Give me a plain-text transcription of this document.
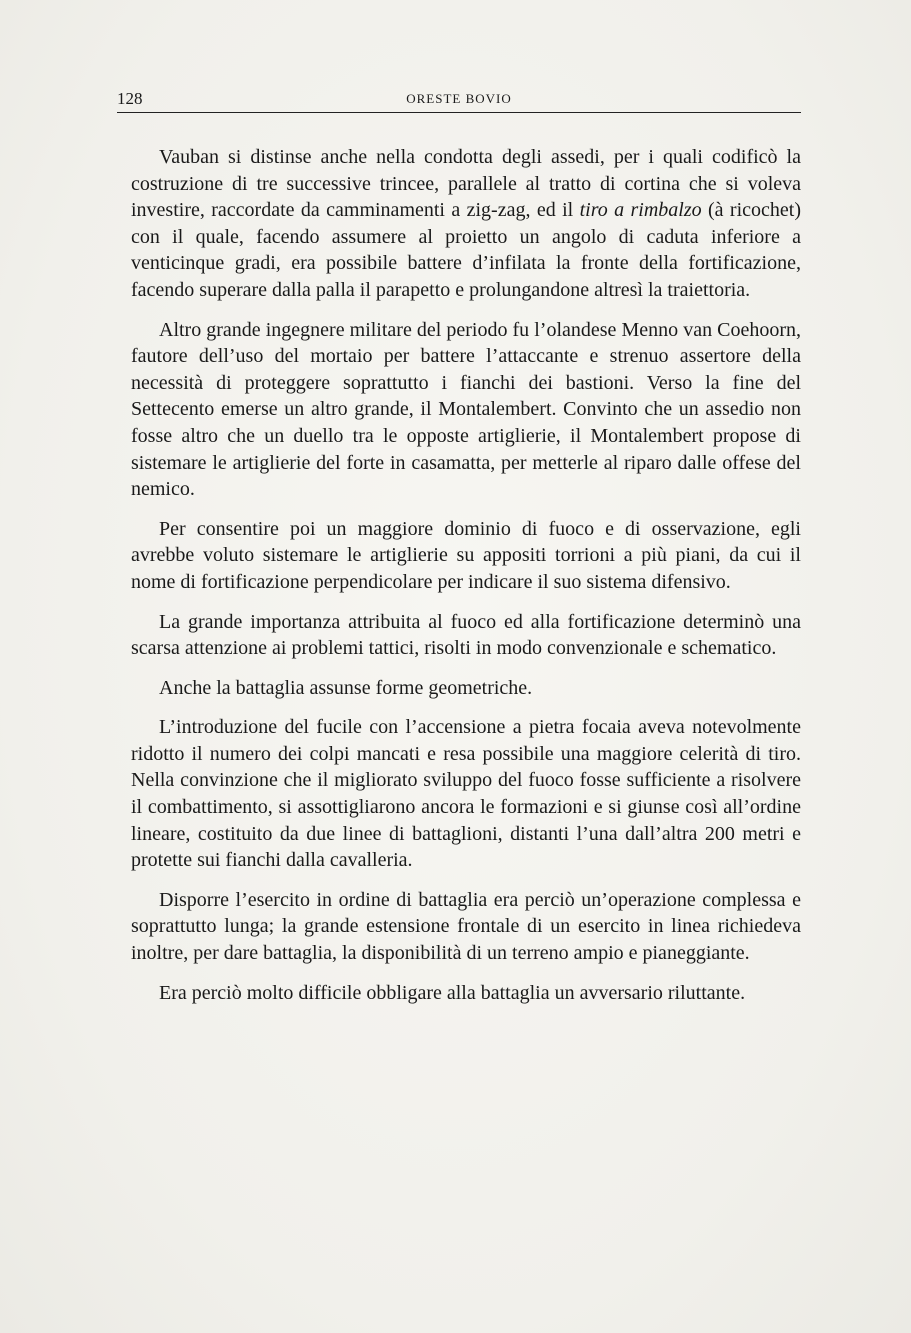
128	ORESTE BOVIO

Vauban si distinse anche nella condotta degli assedi, per i quali codificò la costruzione di tre successive trincee, parallele al tratto di cortina che si voleva investire, raccordate da camminamenti a zig-zag, ed il tiro a rimbalzo (à ricochet) con il quale, facendo assumere al proietto un angolo di caduta inferiore a venticinque gradi, era possibile battere d’infilata la fronte della fortificazione, facendo superare dalla palla il parapetto e prolungandone altresì la traiettoria.

Altro grande ingegnere militare del periodo fu l’olandese Menno van Coehoorn, fautore dell’uso del mortaio per battere l’attaccante e strenuo assertore della necessità di proteggere soprattutto i fianchi dei bastioni. Verso la fine del Settecento emerse un altro grande, il Montalembert. Convinto che un assedio non fosse altro che un duello tra le opposte artiglierie, il Montalembert propose di sistemare le artiglierie del forte in casamatta, per metterle al riparo dalle offese del nemico.

Per consentire poi un maggiore dominio di fuoco e di osservazione, egli avrebbe voluto sistemare le artiglierie su appositi torrioni a più piani, da cui il nome di fortificazione perpendicolare per indicare il suo sistema difensivo.

La grande importanza attribuita al fuoco ed alla fortificazione determinò una scarsa attenzione ai problemi tattici, risolti in modo convenzionale e schematico.

Anche la battaglia assunse forme geometriche.

L’introduzione del fucile con l’accensione a pietra focaia aveva notevolmente ridotto il numero dei colpi mancati e resa possibile una maggiore celerità di tiro. Nella convinzione che il migliorato sviluppo del fuoco fosse sufficiente a risolvere il combattimento, si assottigliarono ancora le formazioni e si giunse così all’ordine lineare, costituito da due linee di battaglioni, distanti l’una dall’altra 200 metri e protette sui fianchi dalla cavalleria.

Disporre l’esercito in ordine di battaglia era perciò un’operazione complessa e soprattutto lunga; la grande estensione frontale di un esercito in linea richiedeva inoltre, per dare battaglia, la disponibilità di un terreno ampio e pianeggiante.

Era perciò molto difficile obbligare alla battaglia un avversario riluttante.
